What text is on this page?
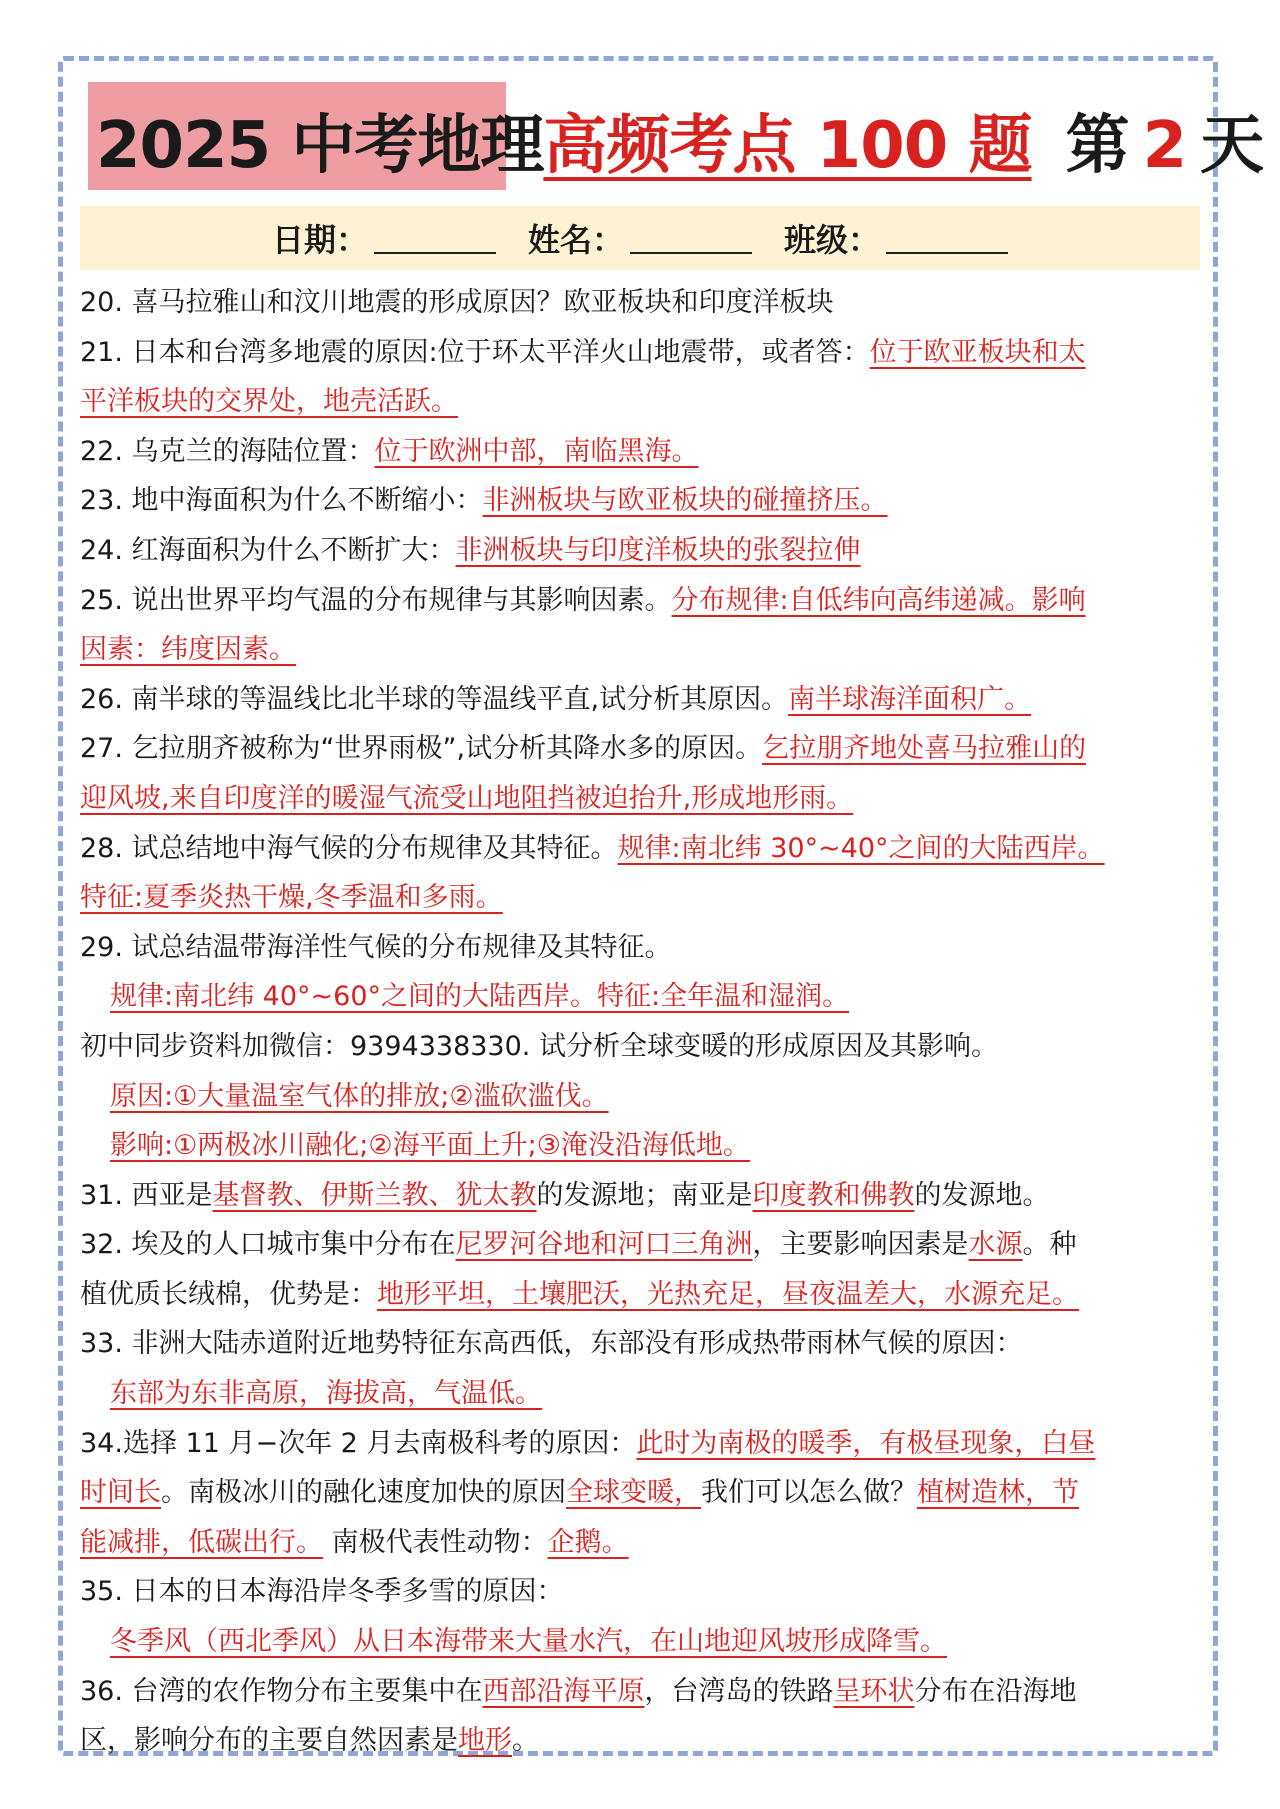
2025 中考地理高频考点 100 题 第 2 天
日期：	姓名：	班级：
20. 喜马拉雅山和汶川地震的形成原因？欧亚板块和印度洋板块
21. 日本和台湾多地震的原因:位于环太平洋火山地震带，或者答：位于欧亚板块和太
平洋板块的交界处，地壳活跃。
22. 乌克兰的海陆位置：位于欧洲中部，南临黑海。
23. 地中海面积为什么不断缩小：非洲板块与欧亚板块的碰撞挤压。
24. 红海面积为什么不断扩大：非洲板块与印度洋板块的张裂拉伸
25. 说出世界平均气温的分布规律与其影响因素。分布规律:自低纬向高纬递减。影响
因素：纬度因素。
26. 南半球的等温线比北半球的等温线平直,试分析其原因。南半球海洋面积广。
27. 乞拉朋齐被称为“世界雨极”,试分析其降水多的原因。乞拉朋齐地处喜马拉雅山的
迎风坡,来自印度洋的暖湿气流受山地阻挡被迫抬升,形成地形雨。
28. 试总结地中海气候的分布规律及其特征。规律:南北纬 30°~40°之间的大陆西岸。
特征:夏季炎热干燥,冬季温和多雨。
29. 试总结温带海洋性气候的分布规律及其特征。
规律:南北纬 40°~60°之间的大陆西岸。特征:全年温和湿润。
初中同步资料加微信：9394338330. 试分析全球变暖的形成原因及其影响。
原因:①大量温室气体的排放;②滥砍滥伐。
影响:①两极冰川融化;②海平面上升;③淹没沿海低地。
31. 西亚是基督教、伊斯兰教、犹太教的发源地；南亚是印度教和佛教的发源地。
32. 埃及的人口城市集中分布在尼罗河谷地和河口三角洲，主要影响因素是水源。种
植优质长绒棉，优势是：地形平坦，土壤肥沃，光热充足，昼夜温差大，水源充足。
33. 非洲大陆赤道附近地势特征东高西低，东部没有形成热带雨林气候的原因：
东部为东非高原，海拔高，气温低。
34.选择 11 月−次年 2 月去南极科考的原因：此时为南极的暖季，有极昼现象，白昼
时间长。南极冰川的融化速度加快的原因全球变暖，我们可以怎么做？植树造林，节
能减排，低碳出行。 南极代表性动物：企鹅。
35. 日本的日本海沿岸冬季多雪的原因：
冬季风（西北季风）从日本海带来大量水汽，在山地迎风坡形成降雪。
36. 台湾的农作物分布主要集中在西部沿海平原，台湾岛的铁路呈环状分布在沿海地
区，影响分布的主要自然因素是地形。
